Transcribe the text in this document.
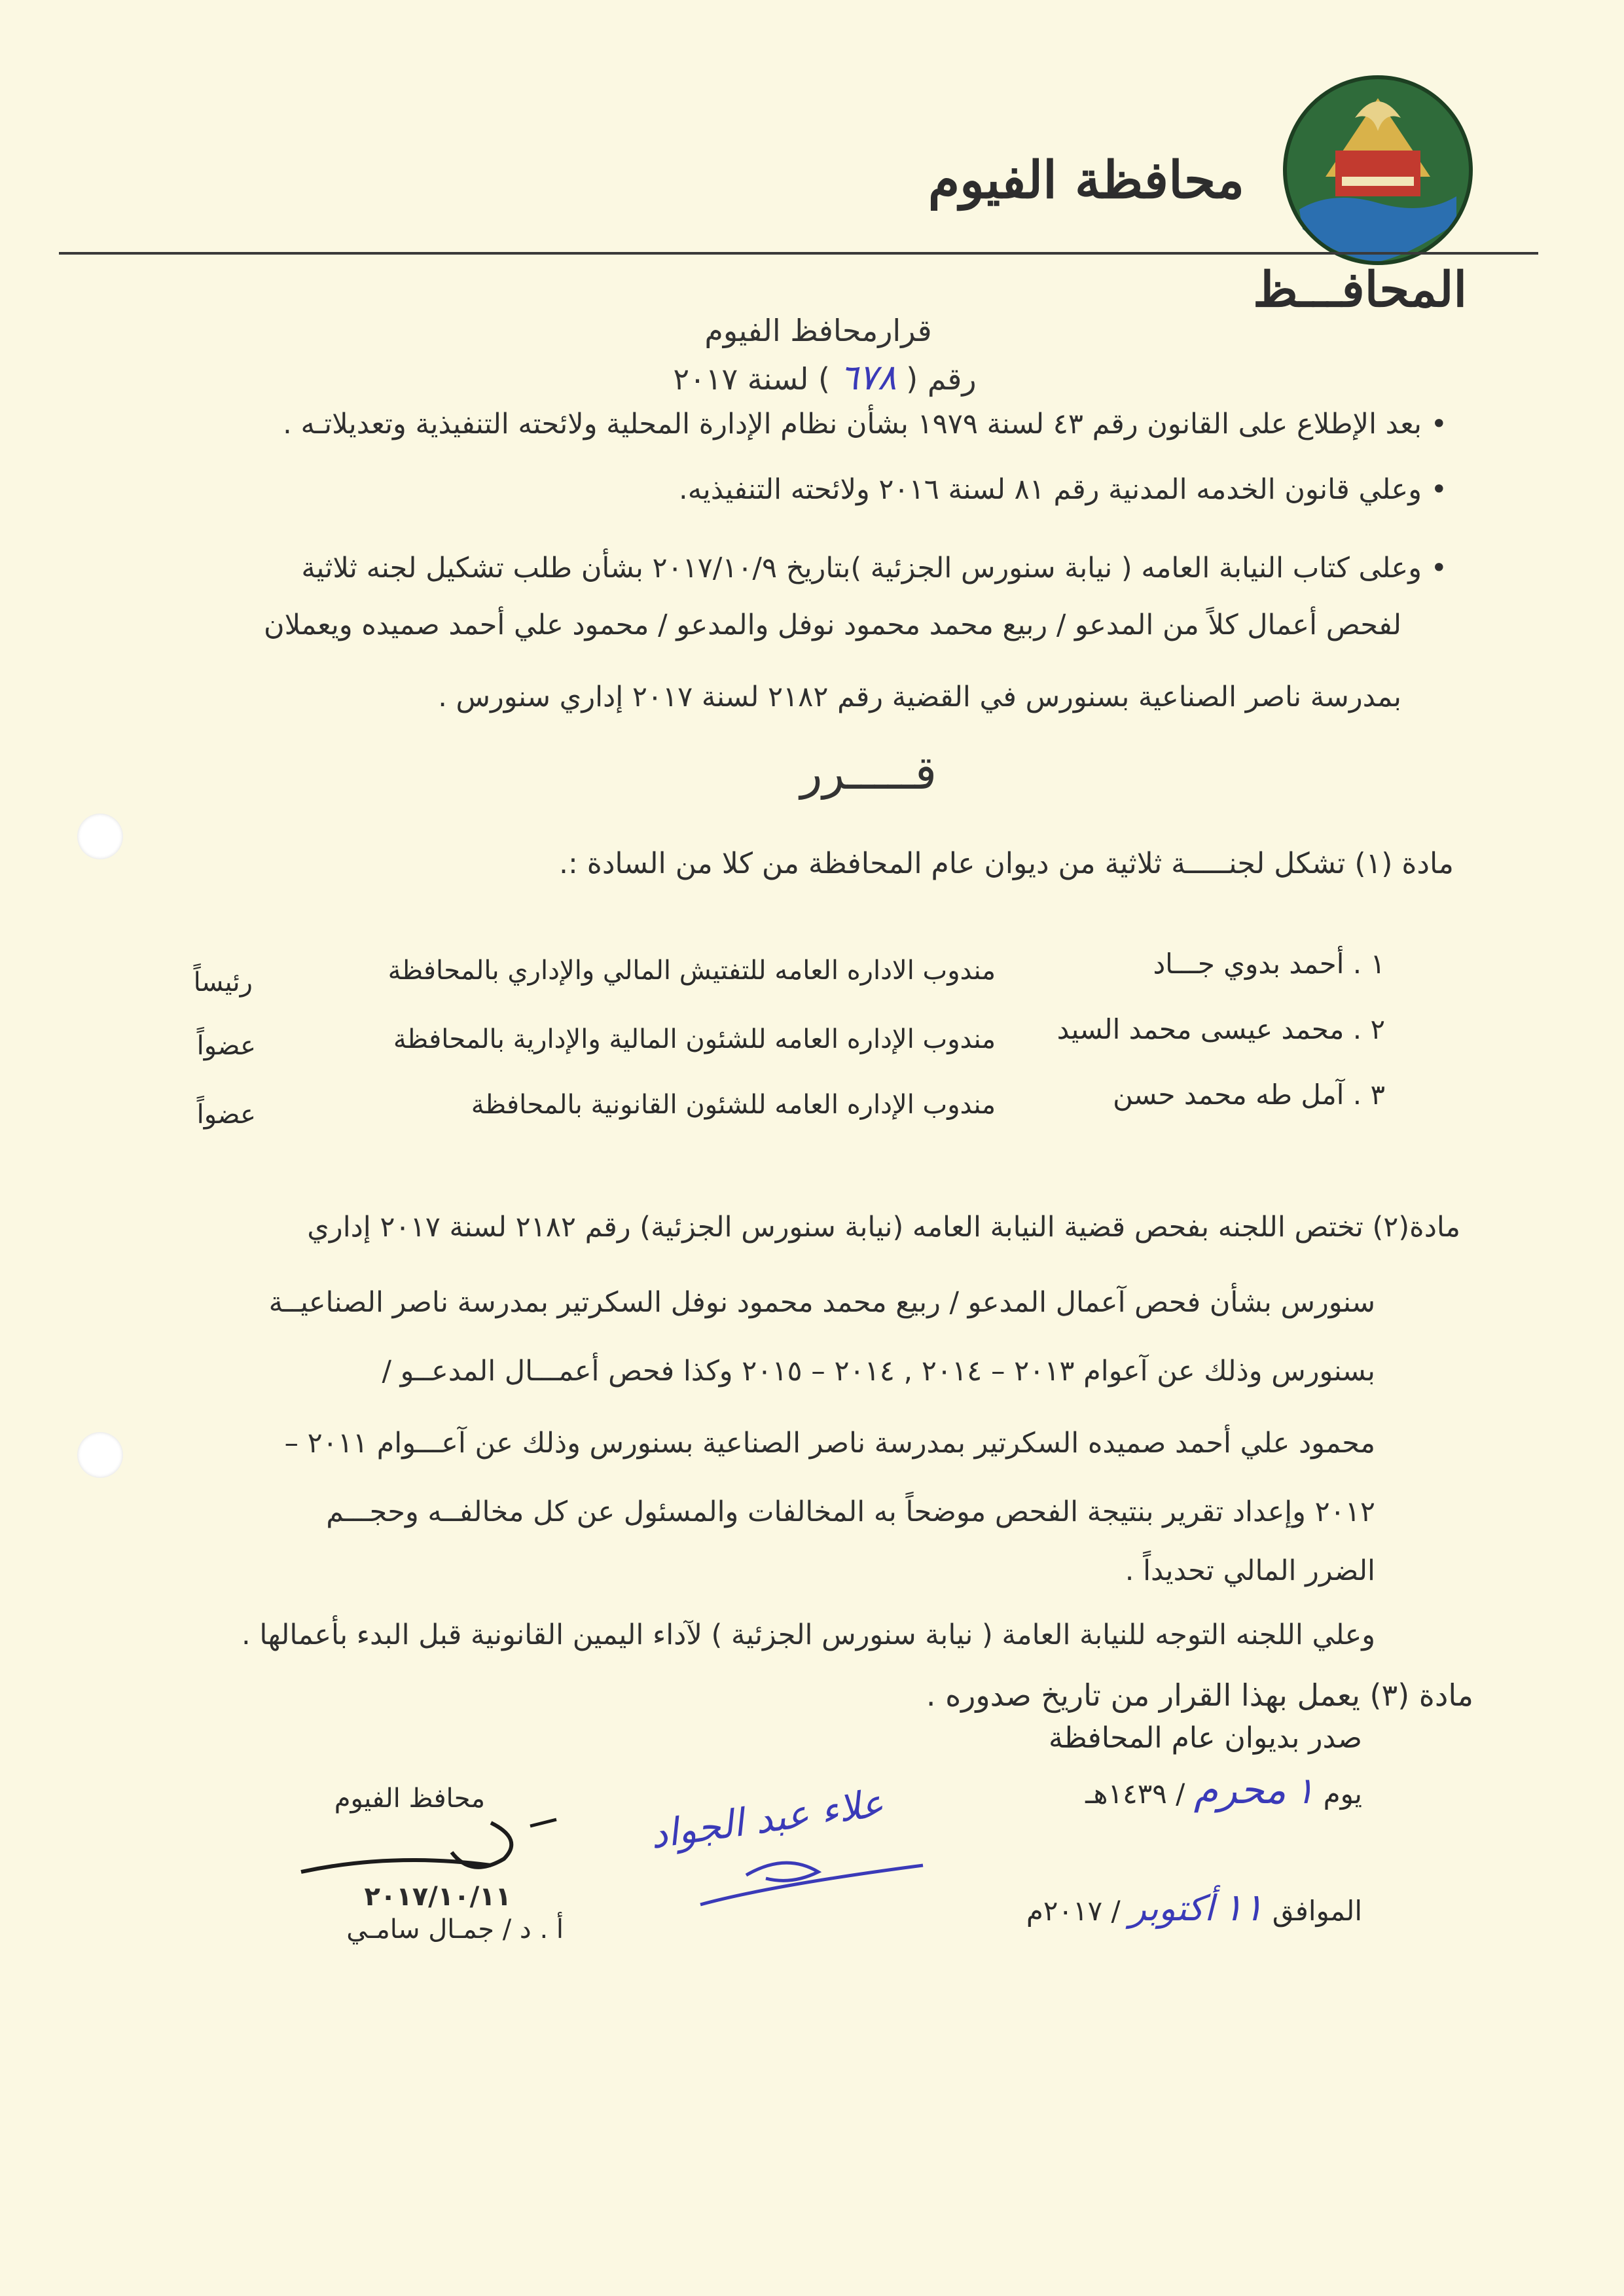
محافظة الفيوم
المحافـــظ
قرارمحافظ الفيوم
رقم ( ٦٧٨ ) لسنة ٢٠١٧
• بعد الإطلاع على القانون رقم ٤٣ لسنة ١٩٧٩ بشأن نظام الإدارة المحلية ولائحته التنفيذية وتعديلاتـه .
• وعلي قانون الخدمه المدنية رقم ٨١ لسنة ٢٠١٦ ولائحته التنفيذيه.
• وعلى كتاب النيابة العامه ( نيابة سنورس الجزئية )بتاريخ ٢٠١٧/١٠/٩ بشأن طلب تشكيل لجنه ثلاثية
لفحص أعمال كلاً من المدعو / ربيع محمد محمود نوفل والمدعو / محمود علي أحمد صميده ويعملان
بمدرسة ناصر الصناعية بسنورس في القضية رقم ٢١٨٢ لسنة ٢٠١٧ إداري سنورس .
قـــــرر
مادة (١) تشكل لجنـــــة ثلاثية من ديوان عام المحافظة من كلا من السادة :.
١ . أحمد بدوي جـــاد
مندوب الاداره العامه للتفتيش المالي والإداري بالمحافظة
رئيساً
٢ . محمد عيسى محمد السيد
مندوب الإداره العامه للشئون المالية والإدارية بالمحافظة
عضواً
٣ . آمل طه محمد حسن
مندوب الإداره العامه للشئون القانونية بالمحافظة
عضواً
مادة(٢) تختص اللجنه بفحص قضية النيابة العامه (نيابة سنورس الجزئية) رقم ٢١٨٢ لسنة ٢٠١٧ إداري
سنورس بشأن فحص آعمال المدعو / ربيع محمد محمود نوفل السكرتير بمدرسة ناصر الصناعيــة
بسنورس وذلك عن آعوام ٢٠١٣ – ٢٠١٤ , ٢٠١٤ – ٢٠١٥ وكذا فحص أعمـــال المدعــو /
محمود علي أحمد صميده السكرتير بمدرسة ناصر الصناعية بسنورس وذلك عن آعـــوام ٢٠١١ –
٢٠١٢ وإعداد تقرير بنتيجة الفحص موضحاً به المخالفات والمسئول عن كل مخالفــه وحجـــم
الضرر المالي تحديداً .
وعلي اللجنه التوجه للنيابة العامة ( نيابة سنورس الجزئية ) لآداء اليمين القانونية قبل البدء بأعمالها .
مادة (٣) يعمل بهذا القرار من تاريخ صدوره .
صدر بديوان عام المحافظة
يوم ١ محرم / ١٤٣٩هـ
الموافق ١١ أكتوبر / ٢٠١٧م
علاء عبد الجواد
محافظ الفيوم
٢٠١٧/١٠/١١
أ . د / جمـال سامـي
